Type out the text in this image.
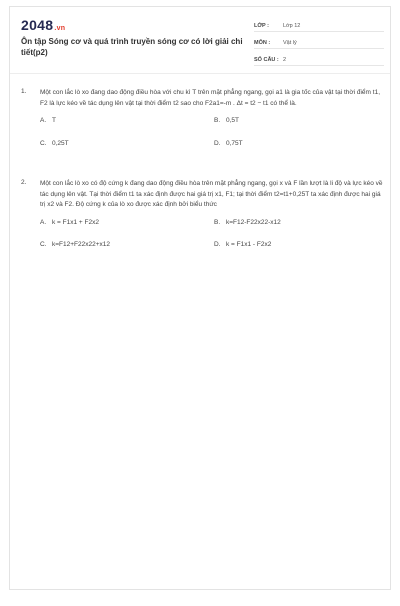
2048.vn
Ôn tập Sóng cơ và quá trình truyền sóng cơ có lời giải chi tiết(p2)
LỚP :	Lớp 12
MÔN :	Vật lý
SỐ CÂU : 2
1. Một con lắc lò xo đang dao động điều hòa với chu kì T trên mặt phẳng ngang, gọi a1 là gia tốc của vật tại thời điểm t1, F2 là lực kéo về tác dụng lên vật tại thời điểm t2 sao cho F2a1=-m . Δt = t2 − t1 có thể là.
A. T	B. 0,5T
C. 0,25T	D. 0,75T
2. Một con lắc lò xo có độ cứng k đang dao động điều hòa trên mặt phẳng ngang, gọi x và F lần lượt là li độ và lực kéo về tác dụng lên vật. Tại thời điểm t1 ta xác định được hai giá trị x1, F1; tại thời điểm t2=t1+0,25T ta xác định được hai giá trị x2 và F2. Độ cứng k của lò xo được xác định bởi biểu thức
A. k = F1x1 + F2x2	B. k=F12-F22x22-x12
C. k=F12+F22x22+x12	D. k = F1x1 - F2x2
